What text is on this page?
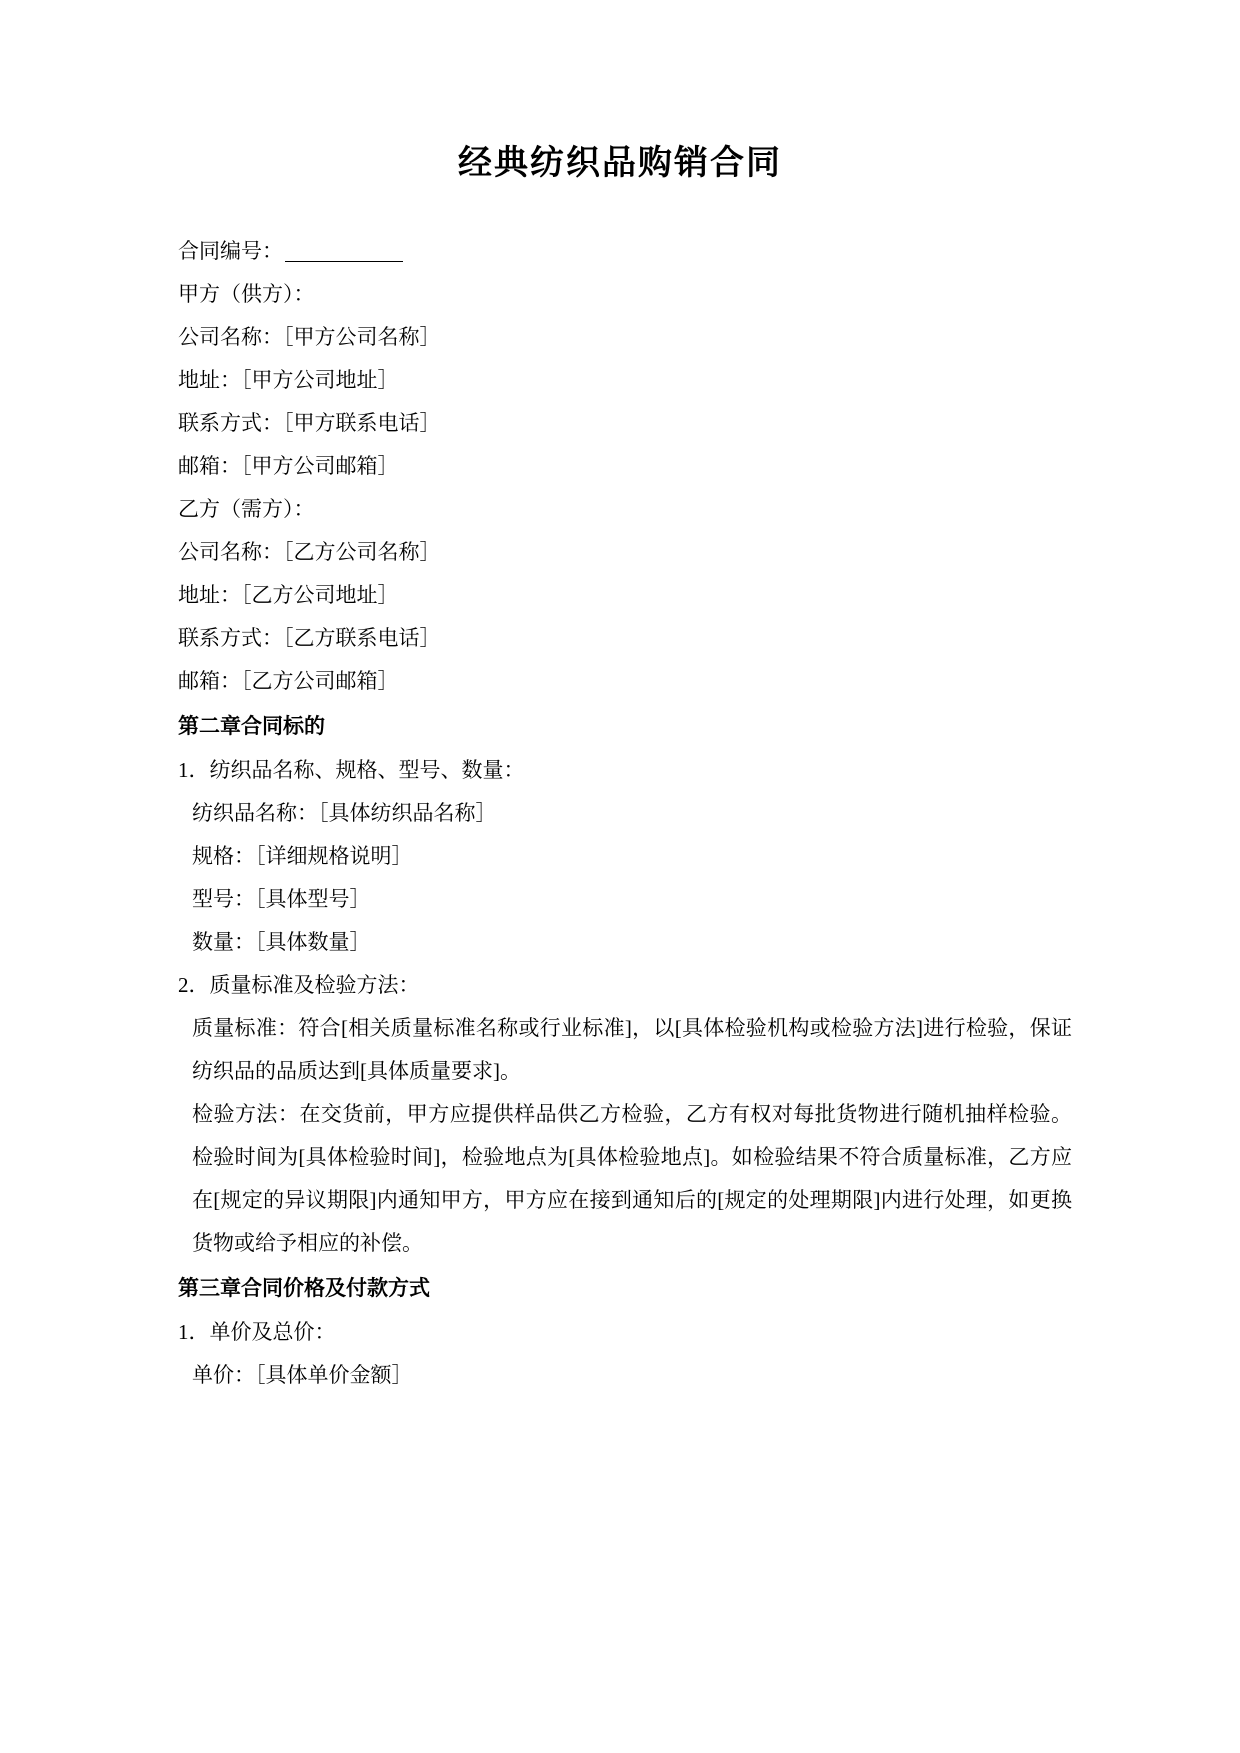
经典纺织品购销合同
合同编号：
甲方（供方）：
公司名称：［甲方公司名称］
地址：［甲方公司地址］
联系方式：［甲方联系电话］
邮箱：［甲方公司邮箱］
乙方（需方）：
公司名称：［乙方公司名称］
地址：［乙方公司地址］
联系方式：［乙方联系电话］
邮箱：［乙方公司邮箱］
第二章合同标的
1．纺织品名称、规格、型号、数量：
纺织品名称：［具体纺织品名称］
规格：［详细规格说明］
型号：［具体型号］
数量：［具体数量］
2．质量标准及检验方法：
质量标准：符合[相关质量标准名称或行业标准]，以[具体检验机构或检验方法]进行检验，保证纺织品的品质达到[具体质量要求]。
检验方法：在交货前，甲方应提供样品供乙方检验，乙方有权对每批货物进行随机抽样检验。检验时间为[具体检验时间]，检验地点为[具体检验地点]。如检验结果不符合质量标准，乙方应在[规定的异议期限]内通知甲方，甲方应在接到通知后的[规定的处理期限]内进行处理，如更换货物或给予相应的补偿。
第三章合同价格及付款方式
1．单价及总价：
单价：［具体单价金额］
